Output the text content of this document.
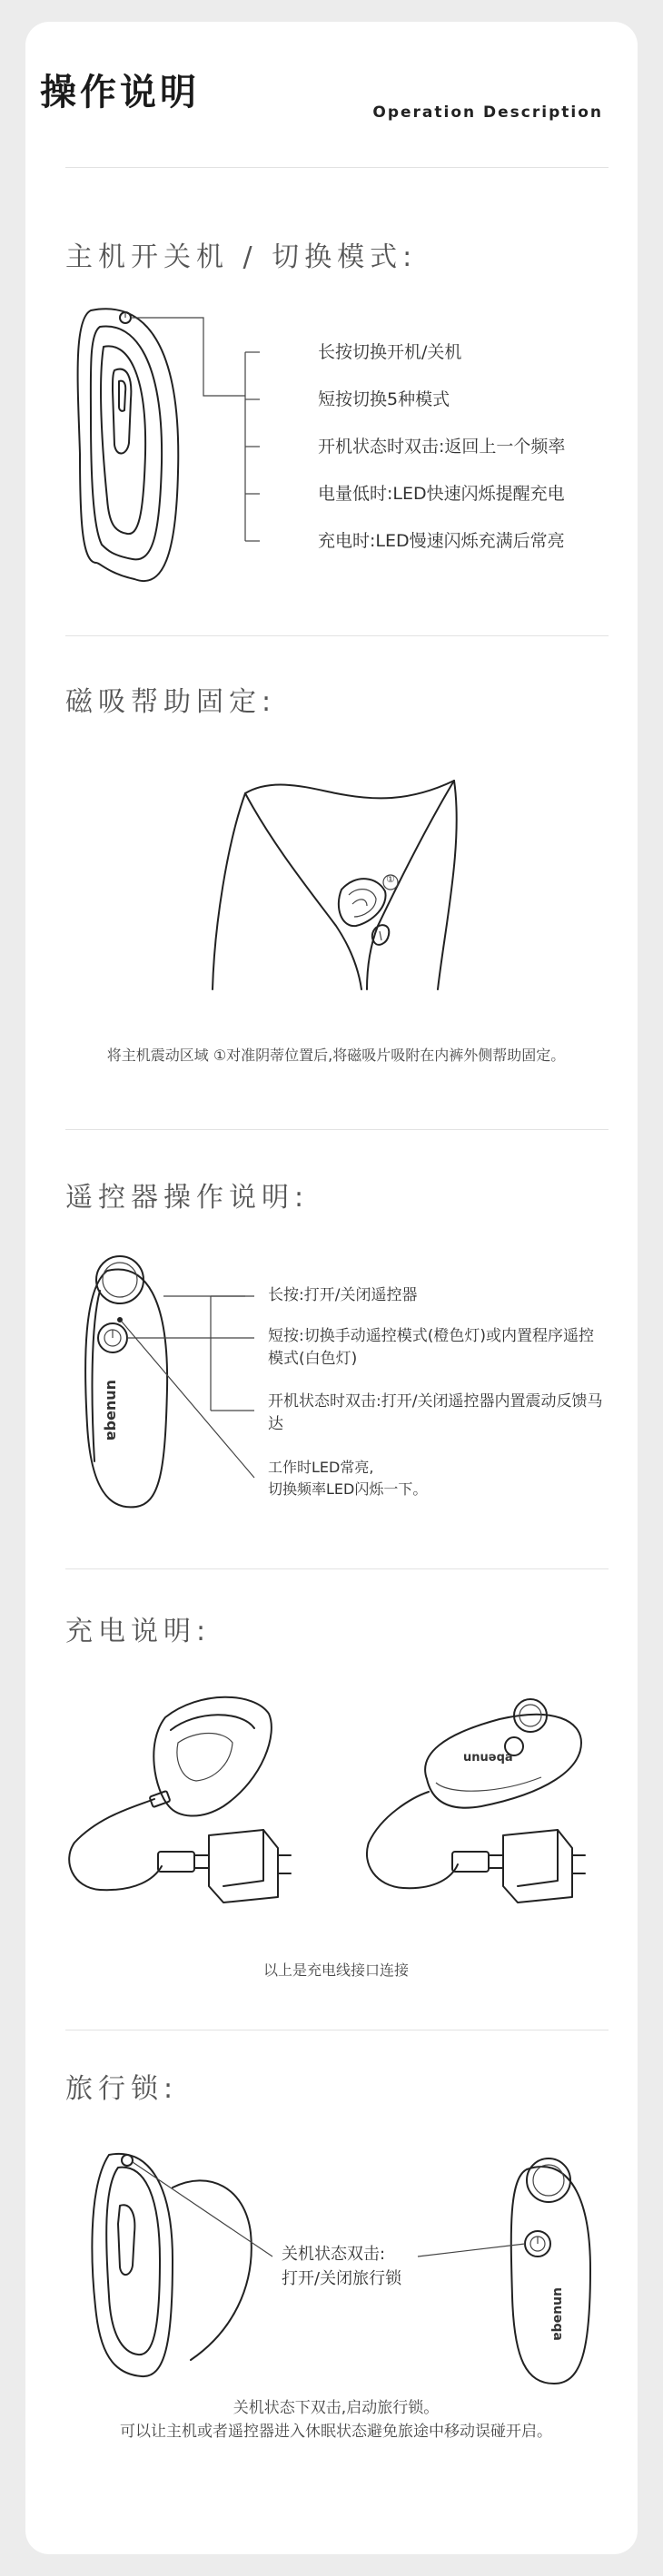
操作说明	Operation Description
主机开关机 / 切换模式:
长按切换开机/关机
短按切换5种模式
开机状态时双击:返回上一个频率
电量低时:LED快速闪烁提醒充电
充电时:LED慢速闪烁充满后常亮
磁吸帮助固定:
①
将主机震动区域 ①对准阴蒂位置后,将磁吸片吸附在内裤外侧帮助固定。
遥控器操作说明:
unuəqa
长按:打开/关闭遥控器
短按:切换手动遥控模式(橙色灯)或内置程序遥控模式(白色灯)
开机状态时双击:打开/关闭遥控器内置震动反馈马达
工作时LED常亮,
切换频率LED闪烁一下。
充电说明:
unuəqa
以上是充电线接口连接
旅行锁:
unuəqa
关机状态双击:
打开/关闭旅行锁
关机状态下双击,启动旅行锁。
可以让主机或者遥控器进入休眠状态避免旅途中移动误碰开启。
